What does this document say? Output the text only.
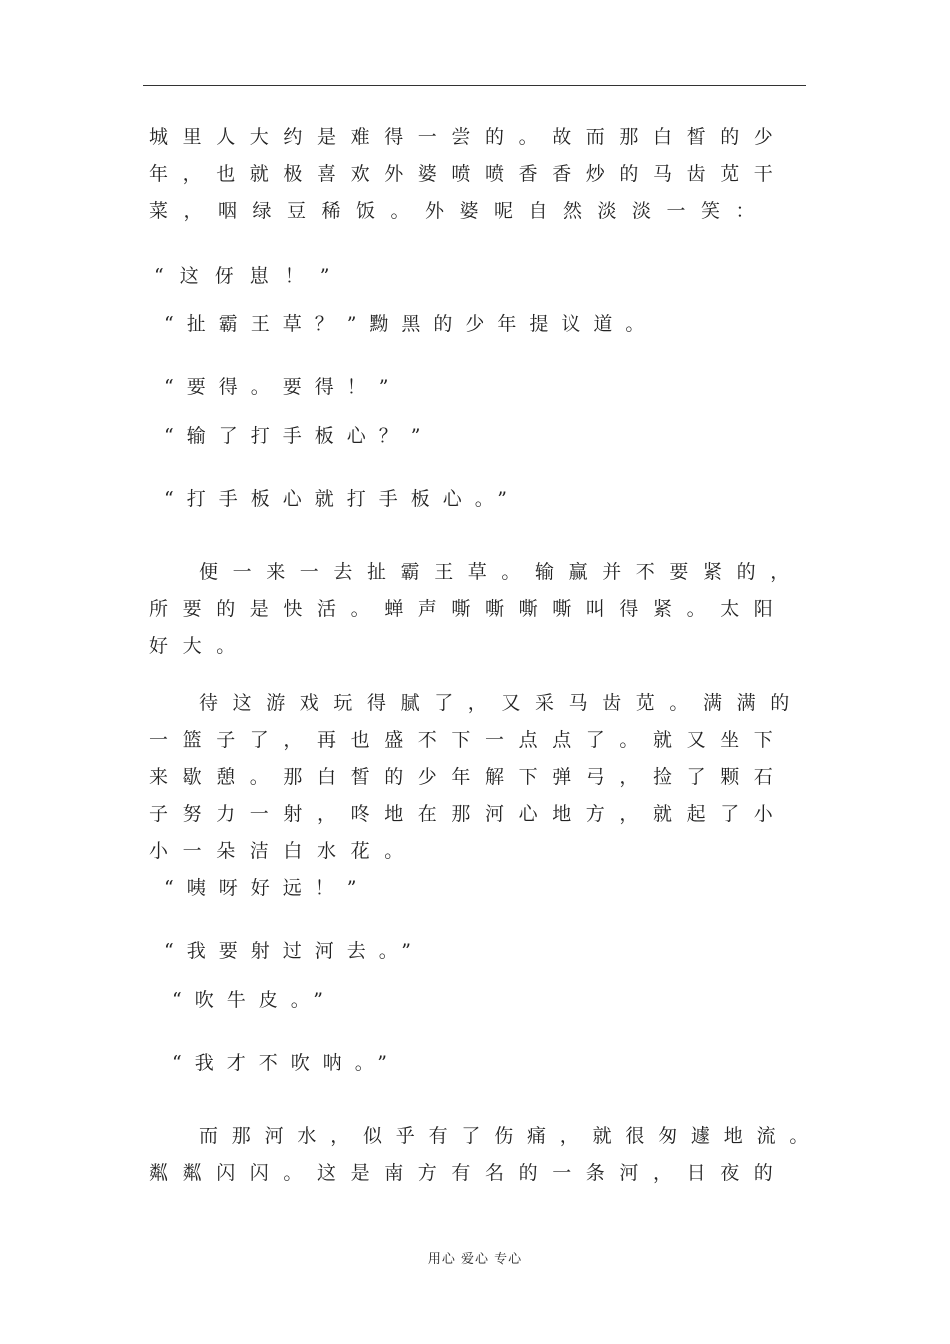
城里人大约是难得一尝的。故而那白皙的少

年，也就极喜欢外婆喷喷香香炒的马齿苋干

菜，咽绿豆稀饭。外婆呢自然淡淡一笑：

“这伢崽！”

“扯霸王草？”黝黑的少年提议道。

“要得。要得！”

“输了打手板心？”

“打手板心就打手板心。”

便一来一去扯霸王草。输赢并不要紧的，

所要的是快活。蝉声嘶嘶嘶嘶叫得紧。太阳

好大。

待这游戏玩得腻了，又采马齿苋。满满的

一篮子了，再也盛不下一点点了。就又坐下

来歇憩。那白皙的少年解下弹弓，捡了颗石

子努力一射，咚地在那河心地方，就起了小

小一朵洁白水花。

“咦呀好远！”

“我要射过河去。”

“吹牛皮。”

“我才不吹呐。”

而那河水，似乎有了伤痛，就很匆遽地流。

粼粼闪闪。这是南方有名的一条河，日夜的

用心 爱心 专心
